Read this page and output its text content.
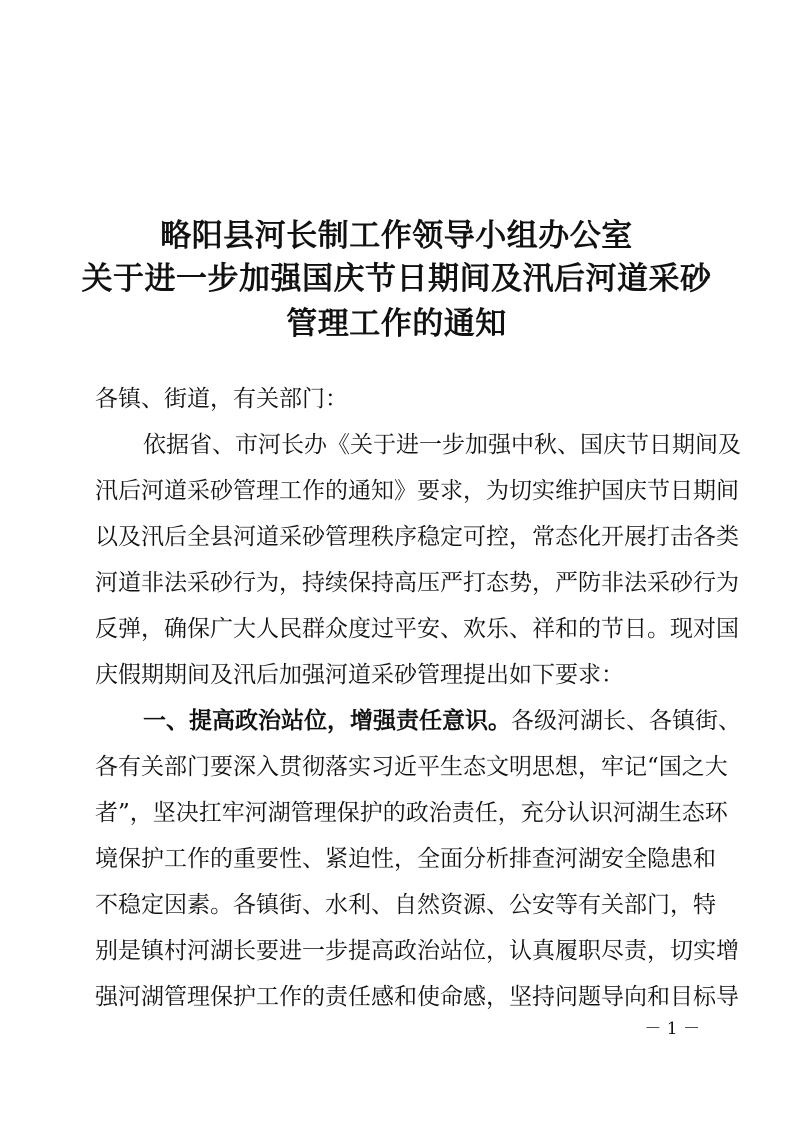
略阳县河长制工作领导小组办公室
关于进一步加强国庆节日期间及汛后河道采砂
管理工作的通知
各镇、街道，有关部门：
依据省、市河长办《关于进一步加强中秋、国庆节日期间及
汛后河道采砂管理工作的通知》要求，为切实维护国庆节日期间
以及汛后全县河道采砂管理秩序稳定可控，常态化开展打击各类
河道非法采砂行为，持续保持高压严打态势，严防非法采砂行为
反弹，确保广大人民群众度过平安、欢乐、祥和的节日。现对国
庆假期期间及汛后加强河道采砂管理提出如下要求：
一、提高政治站位，增强责任意识。各级河湖长、各镇街、
各有关部门要深入贯彻落实习近平生态文明思想，牢记“国之大
者”，坚决扛牢河湖管理保护的政治责任，充分认识河湖生态环
境保护工作的重要性、紧迫性，全面分析排查河湖安全隐患和
不稳定因素。各镇街、水利、自然资源、公安等有关部门，特
别是镇村河湖长要进一步提高政治站位，认真履职尽责，切实增
强河湖管理保护工作的责任感和使命感，坚持问题导向和目标导
－ 1 －
